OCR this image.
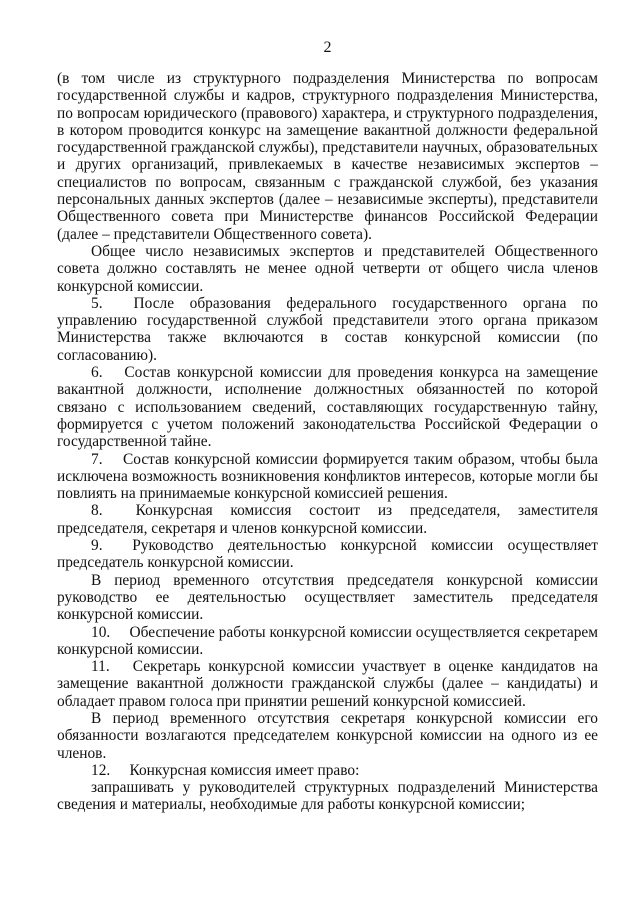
2

(в том числе из структурного подразделения Министерства по вопросам государственной службы и кадров, структурного подразделения Министерства, по вопросам юридического (правового) характера, и структурного подразделения, в котором проводится конкурс на замещение вакантной должности федеральной государственной гражданской службы), представители научных, образовательных и других организаций, привлекаемых в качестве независимых экспертов – специалистов по вопросам, связанным с гражданской службой, без указания персональных данных экспертов (далее – независимые эксперты), представители Общественного совета при Министерстве финансов Российской Федерации (далее – представители Общественного совета).

Общее число независимых экспертов и представителей Общественного совета должно составлять не менее одной четверти от общего числа членов конкурсной комиссии.

5.  После образования федерального государственного органа по управлению государственной службой представители этого органа приказом Министерства также включаются в состав конкурсной комиссии (по согласованию).

6.  Состав конкурсной комиссии для проведения конкурса на замещение вакантной должности, исполнение должностных обязанностей по которой связано с использованием сведений, составляющих государственную тайну, формируется с учетом положений законодательства Российской Федерации о государственной тайне.

7.  Состав конкурсной комиссии формируется таким образом, чтобы была исключена возможность возникновения конфликтов интересов, которые могли бы повлиять на принимаемые конкурсной комиссией решения.

8.  Конкурсная комиссия состоит из председателя, заместителя председателя, секретаря и членов конкурсной комиссии.

9.  Руководство деятельностью конкурсной комиссии осуществляет председатель конкурсной комиссии.

В период временного отсутствия председателя конкурсной комиссии руководство ее деятельностью осуществляет заместитель председателя конкурсной комиссии.

10.  Обеспечение работы конкурсной комиссии осуществляется секретарем конкурсной комиссии.

11.  Секретарь конкурсной комиссии участвует в оценке кандидатов на замещение вакантной должности гражданской службы (далее – кандидаты) и обладает правом голоса при принятии решений конкурсной комиссией.

В период временного отсутствия секретаря конкурсной комиссии его обязанности возлагаются председателем конкурсной комиссии на одного из ее членов.

12.  Конкурсная комиссия имеет право:

запрашивать у руководителей структурных подразделений Министерства сведения и материалы, необходимые для работы конкурсной комиссии;
